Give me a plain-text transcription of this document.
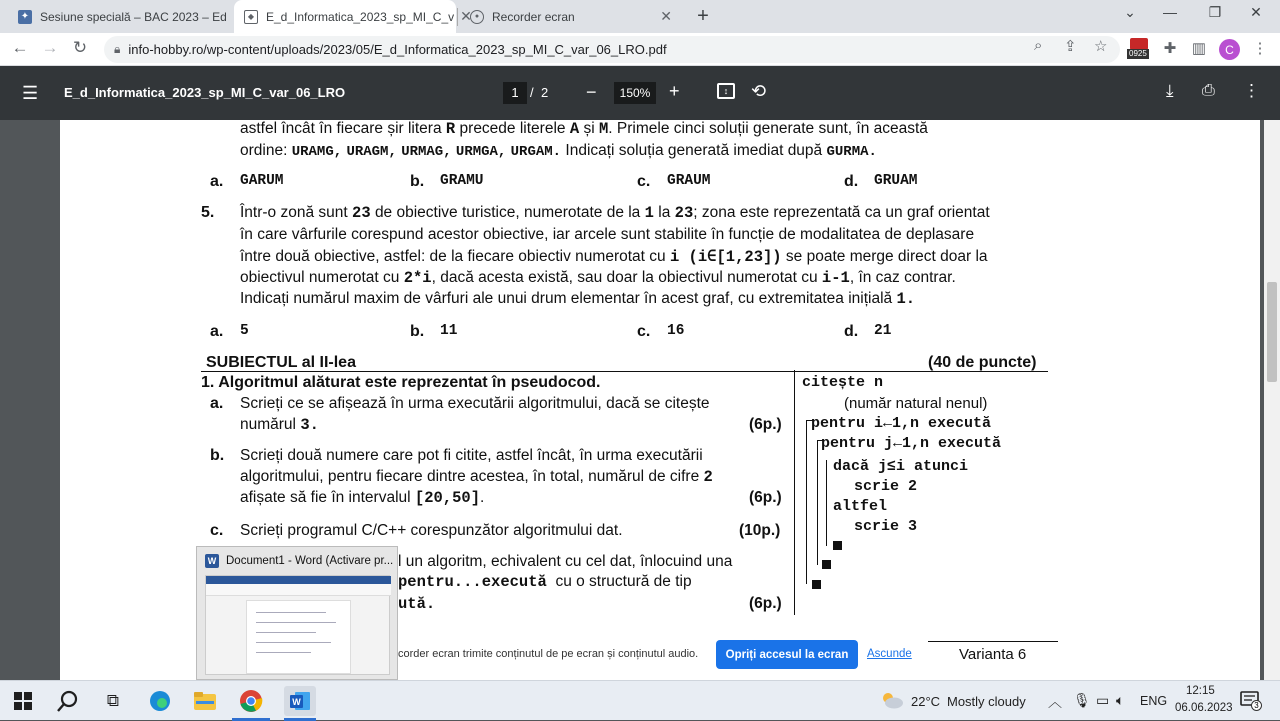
✦ Sesiune specială – BAC 2023 – Ed	◆ E_d_Informatica_2023_sp_MI_C_v ✕ ●	Recorder ecran	✕ +	⌄	—	❐	✕
← → ↻	🔒︎ info-hobby.ro/wp-content/uploads/2023/05/E_d_Informatica_2023_sp_MI_C_var_06_LRO.pdf	⌕ ⇪ ☆	0925 ✚ ▥	C	⋮
☰ E_d_Informatica_2023_sp_MI_C_var_06_LRO	1 / 2 −	150%	+	↕	⟲	⤓ ⎙ ⋮
astfel încât în fiecare șir litera R precede literele A și M. Primele cinci soluții generate sunt, în această
ordine: URAMG, URAGM, URMAG, URMGA, URGAM. Indicați soluția generată imediat după GURMA.
a. GARUM	b. GRAMU	c. GRAUM	d. GRUAM
5. Într-o zonă sunt 23 de obiective turistice, numerotate de la 1 la 23; zona este reprezentată ca un graf orientat
în care vârfurile corespund acestor obiective, iar arcele sunt stabilite în funcție de modalitatea de deplasare
între două obiective, astfel: de la fiecare obiectiv numerotat cu i (i∈[1,23]) se poate merge direct doar la
obiectivul numerotat cu 2*i, dacă acesta există, sau doar la obiectivul numerotat cu i-1, în caz contrar.
Indicați numărul maxim de vârfuri ale unui drum elementar în acest graf, cu extremitatea inițială 1.
a. 5	b. 11	c. 16	d. 21
SUBIECTUL al II-lea	(40 de puncte)
1. Algoritmul alăturat este reprezentat în pseudocod.
a. Scrieți ce se afișează în urma executării algoritmului, dacă se citește
numărul 3.	(6p.)
b. Scrieți două numere care pot fi citite, astfel încât, în urma executării
algoritmului, pentru fiecare dintre acestea, în total, numărul de cifre 2
afișate să fie în intervalul [20,50].	(6p.)
c. Scrieți programul C/C++ corespunzător algoritmului dat.	(10p.)
l un algoritm, echivalent cu cel dat, înlocuind una
pentru...execută cu o structură de tip
ută.	(6p.)
citește n
(număr natural nenul)
pentru i←1,n execută
pentru j←1,n execută
dacă j≤i atunci
scrie 2
altfel
scrie 3
Varianta 6
corder ecran trimite conținutul de pe ecran și conținutul audio.	Opriți accesul la ecran	Ascunde
W Document1 - Word (Activare pr...
⧉	W	22°C Mostly cloudy ︿ 🎙︎ ▭ 🔈︎ ENG
12:15
06.06.2023	3
